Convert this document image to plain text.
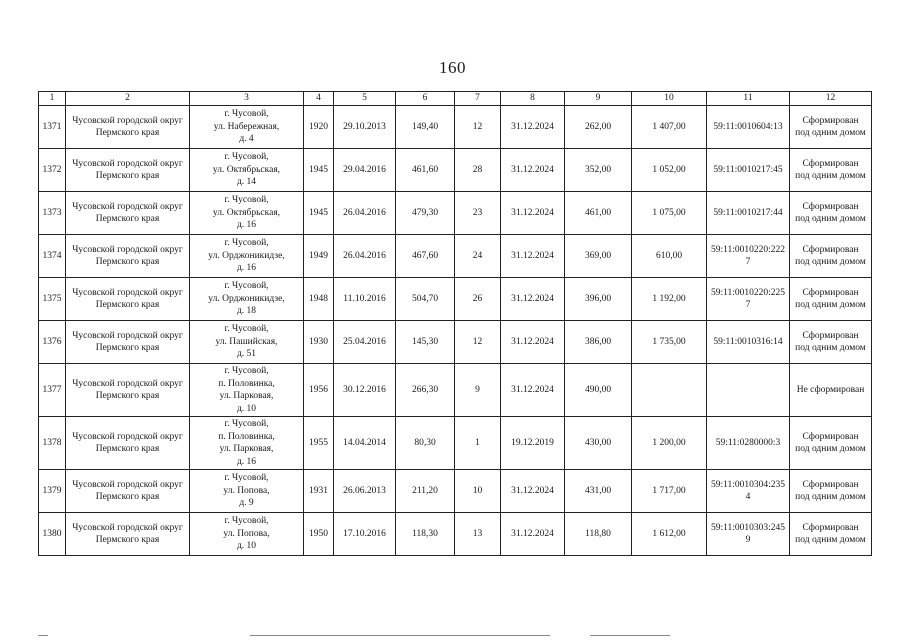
160
1	2	3	4	5	6	7	8	9	10	11	12
1371	Чусовской городской округ Пермского края	г. Чусовой,
ул. Набережная,
д. 4	1920	29.10.2013	149,40	12	31.12.2024	262,00	1 407,00	59:11:0010604:13	Сформирован
под одним домом
1372	Чусовской городской округ Пермского края	г. Чусовой,
ул. Октябрьская,
д. 14	1945	29.04.2016	461,60	28	31.12.2024	352,00	1 052,00	59:11:0010217:45	Сформирован
под одним домом
1373	Чусовской городской округ Пермского края	г. Чусовой,
ул. Октябрьская,
д. 16	1945	26.04.2016	479,30	23	31.12.2024	461,00	1 075,00	59:11:0010217:44	Сформирован
под одним домом
1374	Чусовской городской округ Пермского края	г. Чусовой,
ул. Орджоникидзе,
д. 16	1949	26.04.2016	467,60	24	31.12.2024	369,00	610,00	59:11:0010220:2227	Сформирован
под одним домом
1375	Чусовской городской округ Пермского края	г. Чусовой,
ул. Орджоникидзе,
д. 18	1948	11.10.2016	504,70	26	31.12.2024	396,00	1 192,00	59:11:0010220:2257	Сформирован
под одним домом
1376	Чусовской городской округ Пермского края	г. Чусовой,
ул. Пашийская,
д. 51	1930	25.04.2016	145,30	12	31.12.2024	386,00	1 735,00	59:11:0010316:14	Сформирован
под одним домом
1377	Чусовской городской округ Пермского края	г. Чусовой,
п. Половинка,
ул. Парковая,
д. 10	1956	30.12.2016	266,30	9	31.12.2024	490,00			Не сформирован
1378	Чусовской городской округ Пермского края	г. Чусовой,
п. Половинка,
ул. Парковая,
д. 16	1955	14.04.2014	80,30	1	19.12.2019	430,00	1 200,00	59:11:0280000:3	Сформирован
под одним домом
1379	Чусовской городской округ Пермского края	г. Чусовой,
ул. Попова,
д. 9	1931	26.06.2013	211,20	10	31.12.2024	431,00	1 717,00	59:11:0010304:2354	Сформирован
под одним домом
1380	Чусовской городской округ Пермского края	г. Чусовой,
ул. Попова,
д. 10	1950	17.10.2016	118,30	13	31.12.2024	118,80	1 612,00	59:11:0010303:2459	Сформирован
под одним домом
